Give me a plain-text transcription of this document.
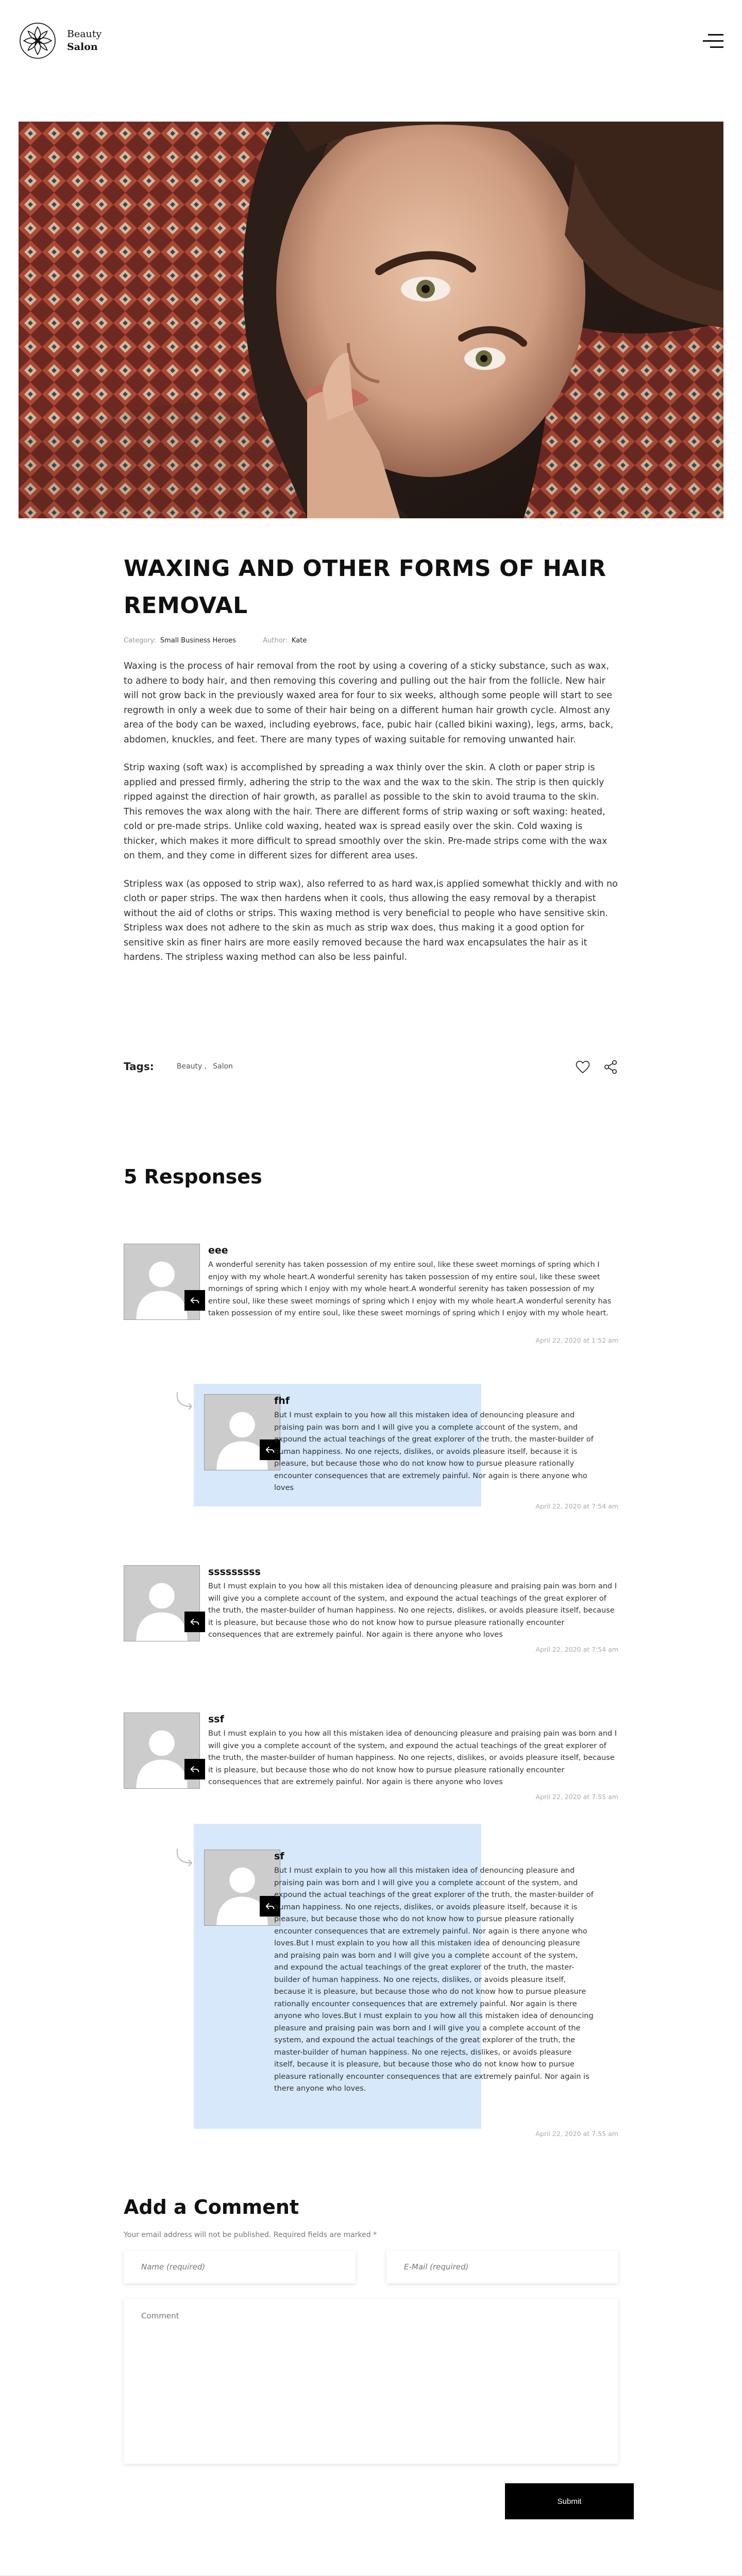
Beauty
Salon
WAXING AND OTHER FORMS OF HAIR REMOVAL
Category: Small Business Heroes	Author: Kate

Waxing is the process of hair removal from the root by using a covering of a sticky substance, such as wax, to adhere to body hair, and then removing this covering and pulling out the hair from the follicle. New hair will not grow back in the previously waxed area for four to six weeks, although some people will start to see regrowth in only a week due to some of their hair being on a different human hair growth cycle. Almost any area of the body can be waxed, including eyebrows, face, pubic hair (called bikini waxing), legs, arms, back, abdomen, knuckles, and feet. There are many types of waxing suitable for removing unwanted hair.

Strip waxing (soft wax) is accomplished by spreading a wax thinly over the skin. A cloth or paper strip is applied and pressed firmly, adhering the strip to the wax and the wax to the skin. The strip is then quickly ripped against the direction of hair growth, as parallel as possible to the skin to avoid trauma to the skin. This removes the wax along with the hair. There are different forms of strip waxing or soft waxing: heated, cold or pre-made strips. Unlike cold waxing, heated wax is spread easily over the skin. Cold waxing is thicker, which makes it more difficult to spread smoothly over the skin. Pre-made strips come with the wax on them, and they come in different sizes for different area uses.

Stripless wax (as opposed to strip wax), also referred to as hard wax,is applied somewhat thickly and with no cloth or paper strips. The wax then hardens when it cools, thus allowing the easy removal by a therapist without the aid of cloths or strips. This waxing method is very beneficial to people who have sensitive skin. Stripless wax does not adhere to the skin as much as strip wax does, thus making it a good option for sensitive skin as finer hairs are more easily removed because the hard wax encapsulates the hair as it hardens. The stripless waxing method can also be less painful.

Tags:	Beauty , Salon
5 Responses
eee
A wonderful serenity has taken possession of my entire soul, like these sweet mornings of spring which I enjoy with my whole heart.A wonderful serenity has taken possession of my entire soul, like these sweet mornings of spring which I enjoy with my whole heart.A wonderful serenity has taken possession of my entire soul, like these sweet mornings of spring which I enjoy with my whole heart.A wonderful serenity has taken possession of my entire soul, like these sweet mornings of spring which I enjoy with my whole heart.
April 22, 2020 at 1:52 am
fhf
But I must explain to you how all this mistaken idea of denouncing pleasure and praising pain was born and I will give you a complete account of the system, and expound the actual teachings of the great explorer of the truth, the master-builder of human happiness. No one rejects, dislikes, or avoids pleasure itself, because it is pleasure, but because those who do not know how to pursue pleasure rationally encounter consequences that are extremely painful. Nor again is there anyone who loves
April 22, 2020 at 7:54 am
sssssssss
But I must explain to you how all this mistaken idea of denouncing pleasure and praising pain was born and I will give you a complete account of the system, and expound the actual teachings of the great explorer of the truth, the master-builder of human happiness. No one rejects, dislikes, or avoids pleasure itself, because it is pleasure, but because those who do not know how to pursue pleasure rationally encounter consequences that are extremely painful. Nor again is there anyone who loves
April 22, 2020 at 7:54 am
ssf
But I must explain to you how all this mistaken idea of denouncing pleasure and praising pain was born and I will give you a complete account of the system, and expound the actual teachings of the great explorer of the truth, the master-builder of human happiness. No one rejects, dislikes, or avoids pleasure itself, because it is pleasure, but because those who do not know how to pursue pleasure rationally encounter consequences that are extremely painful. Nor again is there anyone who loves
April 22, 2020 at 7:55 am
sf
But I must explain to you how all this mistaken idea of denouncing pleasure and praising pain was born and I will give you a complete account of the system, and expound the actual teachings of the great explorer of the truth, the master-builder of human happiness. No one rejects, dislikes, or avoids pleasure itself, because it is pleasure, but because those who do not know how to pursue pleasure rationally encounter consequences that are extremely painful. Nor again is there anyone who loves.But I must explain to you how all this mistaken idea of denouncing pleasure and praising pain was born and I will give you a complete account of the system, and expound the actual teachings of the great explorer of the truth, the master-builder of human happiness. No one rejects, dislikes, or avoids pleasure itself, because it is pleasure, but because those who do not know how to pursue pleasure rationally encounter consequences that are extremely painful. Nor again is there anyone who loves.But I must explain to you how all this mistaken idea of denouncing pleasure and praising pain was born and I will give you a complete account of the system, and expound the actual teachings of the great explorer of the truth, the master-builder of human happiness. No one rejects, dislikes, or avoids pleasure itself, because it is pleasure, but because those who do not know how to pursue pleasure rationally encounter consequences that are extremely painful. Nor again is there anyone who loves.
April 22, 2020 at 7:55 am
Add a Comment

Your email address will not be published. Required fields are marked *

Name (required)
E-Mail (required)
Comment
Submit
